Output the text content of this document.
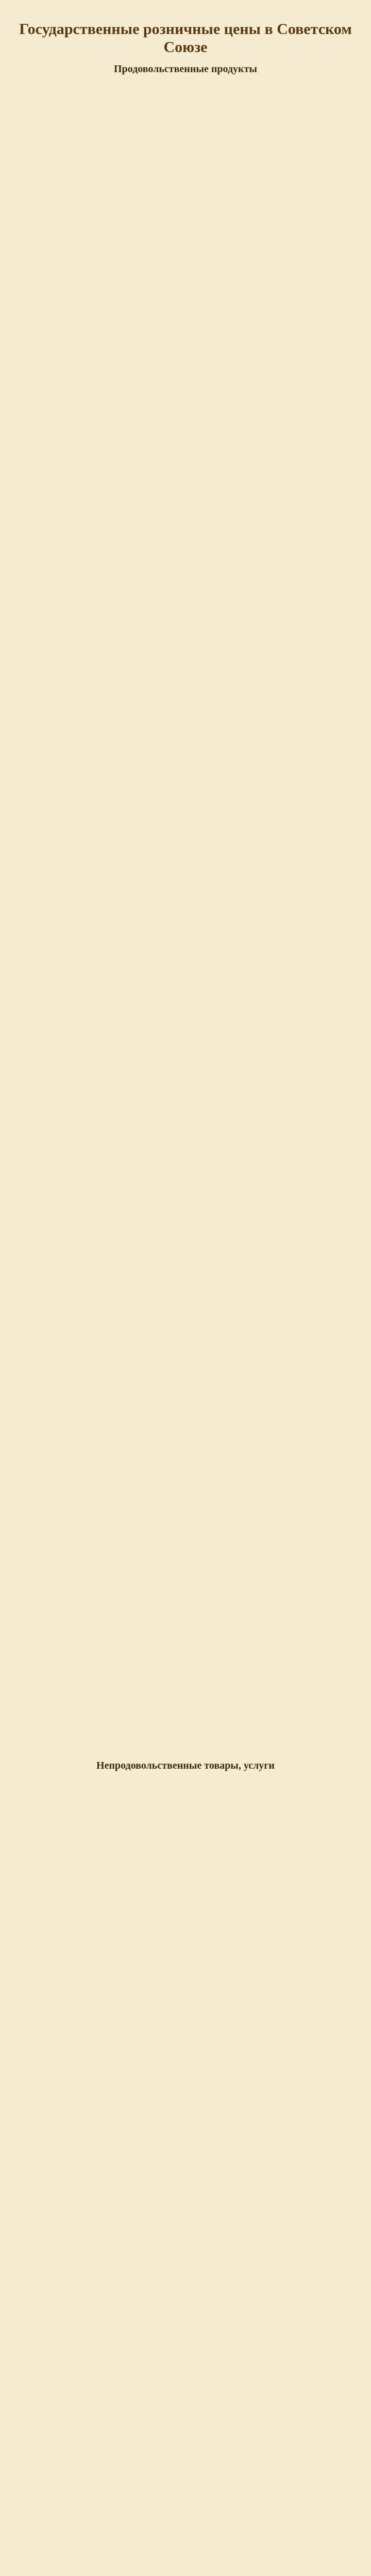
Государственные розничные цены в Советском Союзе
Продовольственные продукты
Непродовольственные товары, услуги
